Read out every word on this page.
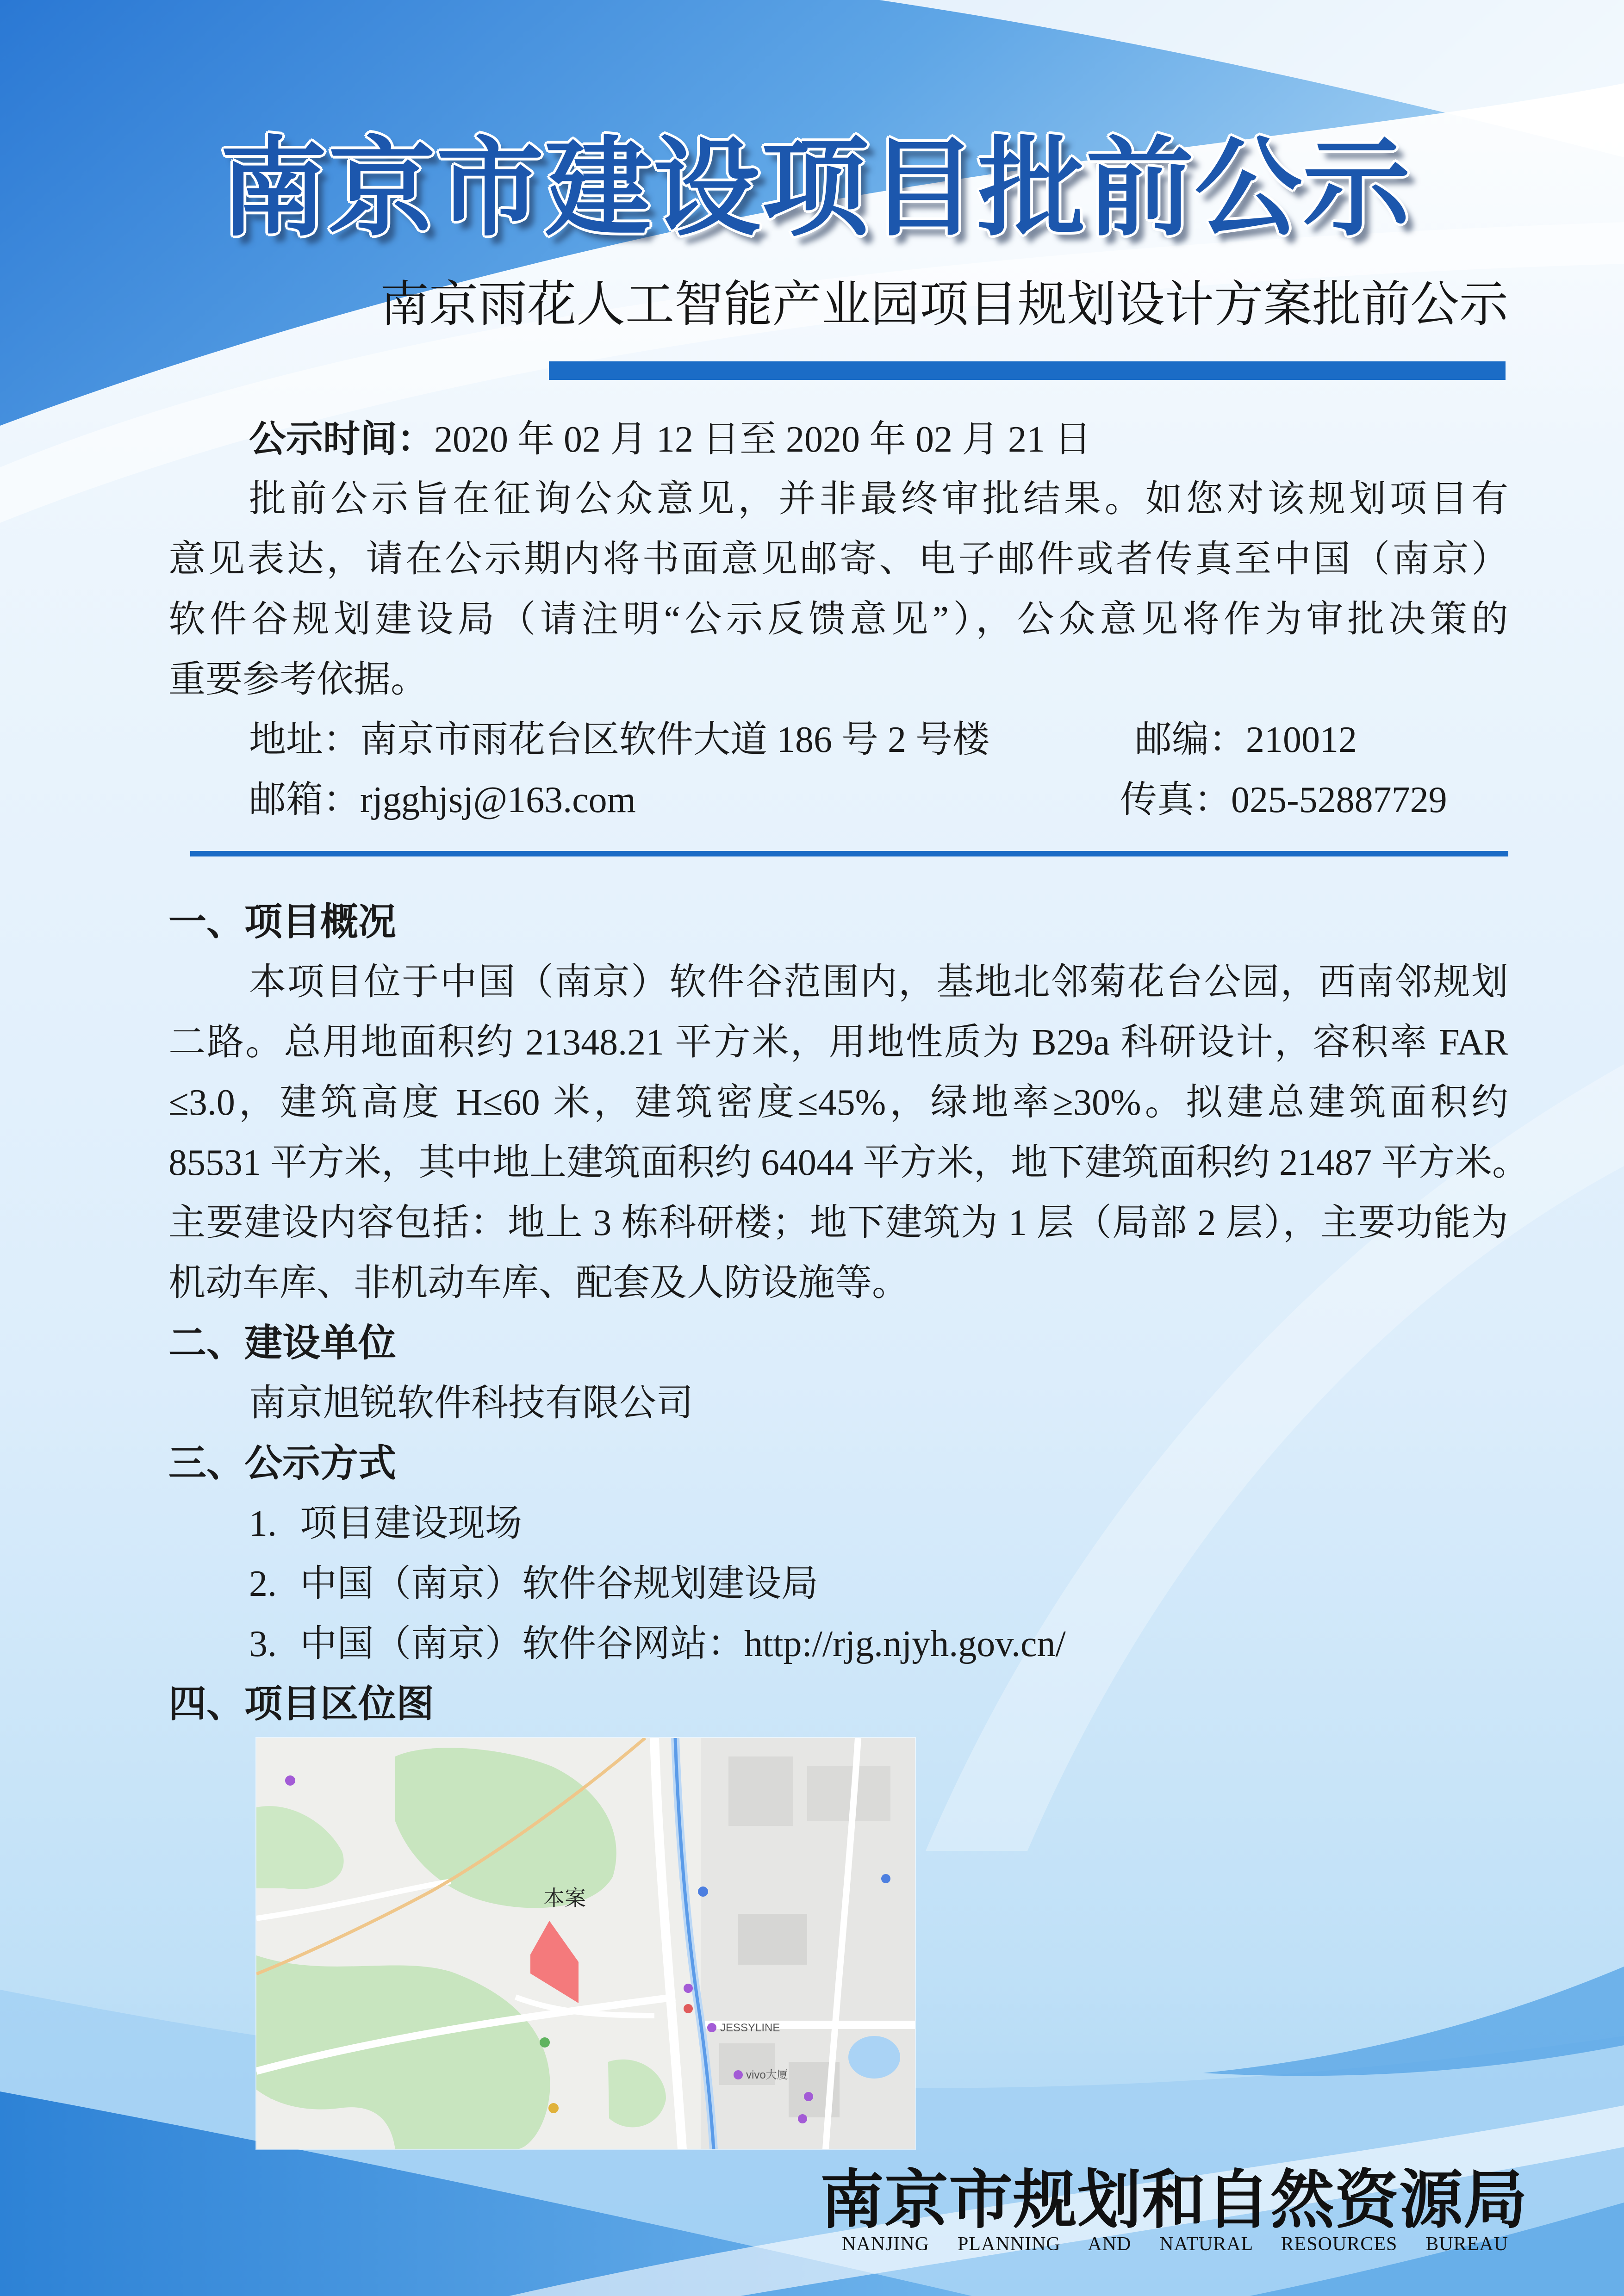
南京市建设项目批前公示
南京雨花人工智能产业园项目规划设计方案批前公示
公示时间：2020 年 02 月 12 日至 2020 年 02 月 21 日
批前公示旨在征询公众意见，并非最终审批结果。如您对该规划项目有
意见表达，请在公示期内将书面意见邮寄、电子邮件或者传真至中国（南京）
软件谷规划建设局（请注明“公示反馈意见”），公众意见将作为审批决策的
重要参考依据。
地址：南京市雨花台区软件大道 186 号 2 号楼	邮编：210012
邮箱：rjgghjsj@163.com	传真：025-52887729
一、项目概况
本项目位于中国（南京）软件谷范围内，基地北邻菊花台公园，西南邻规划
二路。总用地面积约 21348.21 平方米，用地性质为 B29a 科研设计，容积率 FAR
≤3.0，建筑高度 H≤60 米，建筑密度≤45%，绿地率≥30%。拟建总建筑面积约
85531 平方米，其中地上建筑面积约 64044 平方米，地下建筑面积约 21487 平方米。
主要建设内容包括：地上 3 栋科研楼；地下建筑为 1 层（局部 2 层），主要功能为
机动车库、非机动车库、配套及人防设施等。
二、建设单位
南京旭锐软件科技有限公司
三、公示方式
1. 项目建设现场
2. 中国（南京）软件谷规划建设局
3. 中国（南京）软件谷网站：http://rjg.njyh.gov.cn/
四、项目区位图
本案
JESSYLINE
vivo大厦
南京市规划和自然资源局
NANJING PLANNING AND NATURAL RESOURCES BUREAU
